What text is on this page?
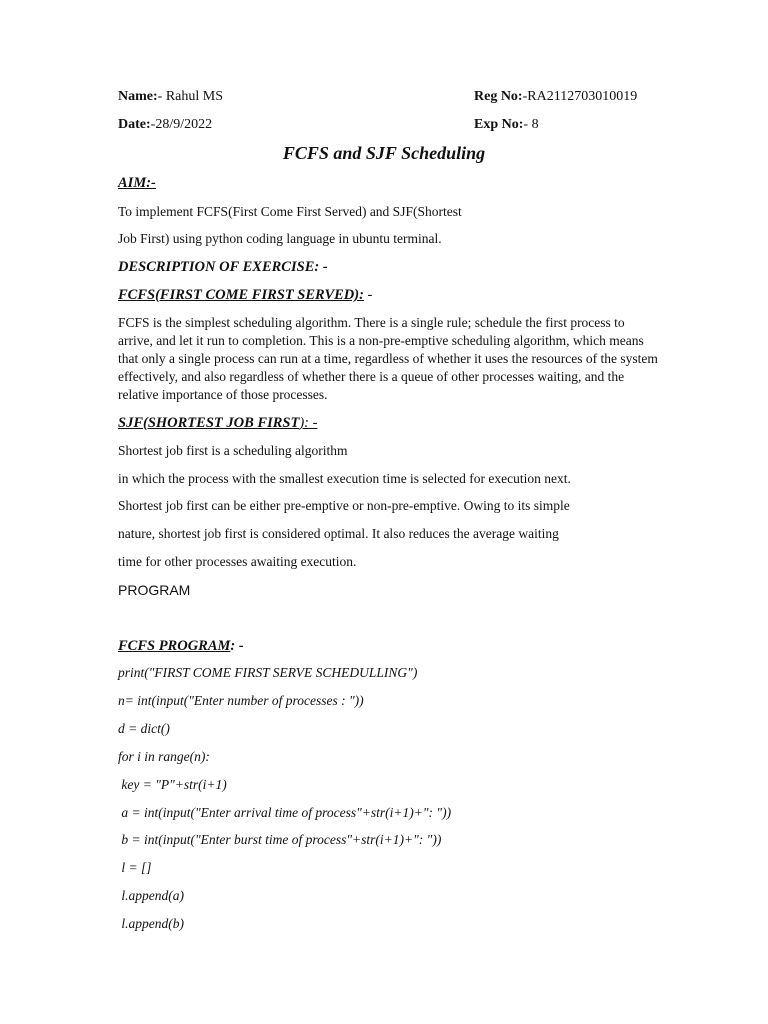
Name:- Rahul MS	Reg No:-RA2112703010019
Date:-28/9/2022	Exp No:- 8
FCFS and SJF Scheduling
AIM:-
To implement FCFS(First Come First Served) and SJF(Shortest
Job First) using python coding language in ubuntu terminal.
DESCRIPTION OF EXERCISE: -
FCFS(FIRST COME FIRST SERVED): -
FCFS is the simplest scheduling algorithm. There is a single rule; schedule the first process to arrive, and let it run to completion. This is a non-pre-emptive scheduling algorithm, which means that only a single process can run at a time, regardless of whether it uses the resources of the system effectively, and also regardless of whether there is a queue of other processes waiting, and the relative importance of those processes.
SJF(SHORTEST JOB FIRST): -
Shortest job first is a scheduling algorithm
in which the process with the smallest execution time is selected for execution next.
Shortest job first can be either pre-emptive or non-pre-emptive. Owing to its simple
nature, shortest job first is considered optimal. It also reduces the average waiting
time for other processes awaiting execution.
PROGRAM
FCFS PROGRAM: -
print("FIRST COME FIRST SERVE SCHEDULLING")
n= int(input("Enter number of processes : "))
d = dict()
for i in range(n):
key = "P"+str(i+1)
a = int(input("Enter arrival time of process"+str(i+1)+": "))
b = int(input("Enter burst time of process"+str(i+1)+": "))
l = []
l.append(a)
l.append(b)
